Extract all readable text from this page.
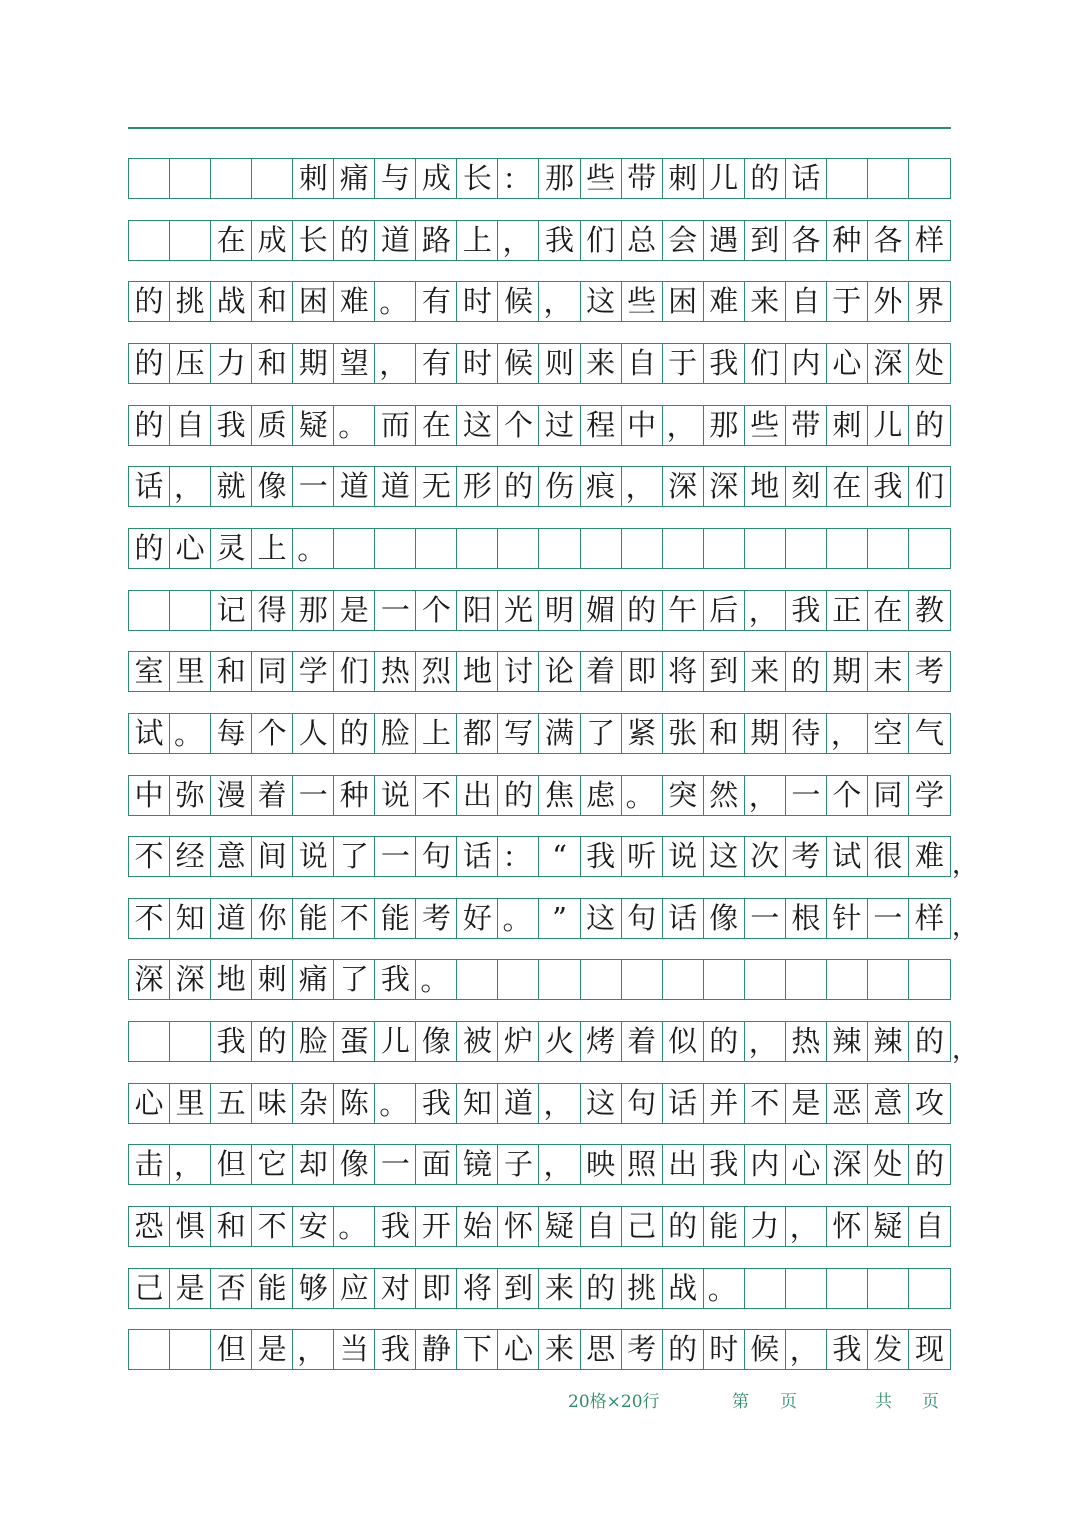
刺 痛 与 成 长 ： 那 些 带 刺 儿 的 话
在 成 长 的 道 路 上 ， 我 们 总 会 遇 到 各 种 各 样
的 挑 战 和 困 难 。 有 时 候 ， 这 些 困 难 来 自 于 外 界
的 压 力 和 期 望 ， 有 时 候 则 来 自 于 我 们 内 心 深 处
的 自 我 质 疑 。 而 在 这 个 过 程 中 ， 那 些 带 刺 儿 的
话 ， 就 像 一 道 道 无 形 的 伤 痕 ， 深 深 地 刻 在 我 们
的 心 灵 上 。
记 得 那 是 一 个 阳 光 明 媚 的 午 后 ， 我 正 在 教
室 里 和 同 学 们 热 烈 地 讨 论 着 即 将 到 来 的 期 末 考
试 。 每 个 人 的 脸 上 都 写 满 了 紧 张 和 期 待 ， 空 气
中 弥 漫 着 一 种 说 不 出 的 焦 虑 。 突 然 ， 一 个 同 学
不 经 意 间 说 了 一 句 话 ： “ 我 听 说 这 次 考 试 很 难
不 知 道 你 能 不 能 考 好 。 ” 这 句 话 像 一 根 针 一 样
深 深 地 刺 痛 了 我 。
我 的 脸 蛋 儿 像 被 炉 火 烤 着 似 的 ， 热 辣 辣 的
心 里 五 味 杂 陈 。 我 知 道 ， 这 句 话 并 不 是 恶 意 攻
击 ， 但 它 却 像 一 面 镜 子 ， 映 照 出 我 内 心 深 处 的
恐 惧 和 不 安 。 我 开 始 怀 疑 自 己 的 能 力 ， 怀 疑 自
己 是 否 能 够 应 对 即 将 到 来 的 挑 战 。
但 是 ， 当 我 静 下 心 来 思 考 的 时 候 ， 我 发 现
，
，
，
20格×20行	第 页	共 页
